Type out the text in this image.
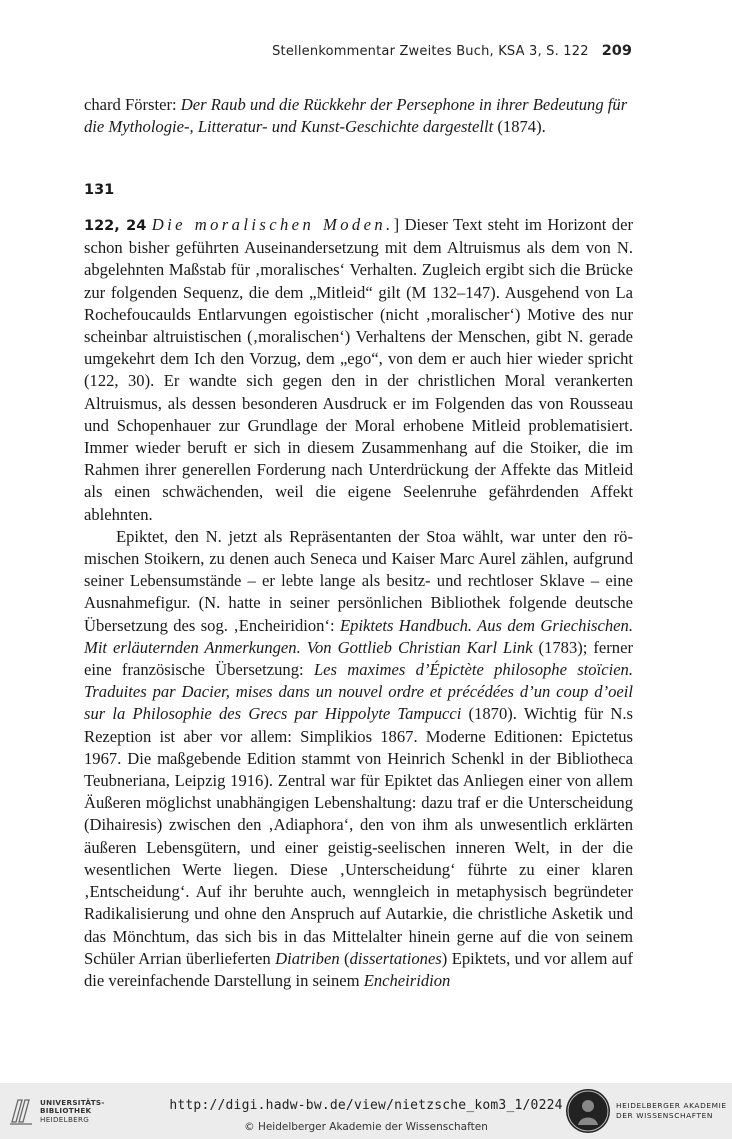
Stellenkommentar Zweites Buch, KSA 3, S. 122 209
chard Förster: Der Raub und die Rückkehr der Persephone in ihrer Bedeutung für die Mythologie-, Litteratur- und Kunst-Geschichte dargestellt (1874).
131

122, 24 Die moralischen Moden.] Dieser Text steht im Horizont der schon bisher geführten Auseinandersetzung mit dem Altruismus als dem von N. abgelehnten Maßstab für ‚moralisches‘ Verhalten. Zugleich ergibt sich die Brücke zur folgenden Sequenz, die dem „Mitleid“ gilt (M 132–147). Ausgehend von La Rochefoucaulds Entlarvungen egoistischer (nicht ‚moralischer‘) Motive des nur scheinbar altruistischen (‚moralischen‘) Verhaltens der Menschen, gibt N. gerade umgekehrt dem Ich den Vorzug, dem „ego“, von dem er auch hier wieder spricht (122, 30). Er wandte sich gegen den in der christlichen Moral verankerten Altruismus, als dessen besonderen Ausdruck er im Folgenden das von Rousseau und Schopenhauer zur Grundlage der Moral erhobene Mitleid problematisiert. Immer wieder beruft er sich in diesem Zusammenhang auf die Stoiker, die im Rahmen ihrer generellen Forderung nach Unterdrückung der Affekte das Mitleid als einen schwächenden, weil die eigene Seelenruhe gefährdenden Affekt ablehnten.

Epiktet, den N. jetzt als Repräsentanten der Stoa wählt, war unter den römischen Stoikern, zu denen auch Seneca und Kaiser Marc Aurel zählen, aufgrund seiner Lebensumstände – er lebte lange als besitz- und rechtloser Sklave – eine Ausnahmefigur. (N. hatte in seiner persönlichen Bibliothek folgende deutsche Übersetzung des sog. ‚Encheiridion‘: Epiktets Handbuch. Aus dem Griechischen. Mit erläuternden Anmerkungen. Von Gottlieb Christian Karl Link (1783); ferner eine französische Übersetzung: Les maximes d’Épictète philosophe stoïcien. Traduites par Dacier, mises dans un nouvel ordre et précédées d’un coup d’oeil sur la Philosophie des Grecs par Hippolyte Tampucci (1870). Wichtig für N.s Rezeption ist aber vor allem: Simplikios 1867. Moderne Editionen: Epictetus 1967. Die maßgebende Edition stammt von Heinrich Schenkl in der Bibliotheca Teubneriana, Leipzig 1916). Zentral war für Epiktet das Anliegen einer von allem Äußeren möglichst unabhängigen Lebenshaltung: dazu traf er die Unterscheidung (Dihairesis) zwischen den ‚Adiaphora‘, den von ihm als unwesentlich erklärten äußeren Lebensgütern, und einer geistig-seelischen inneren Welt, in der die wesentlichen Werte liegen. Diese ‚Unterscheidung‘ führte zu einer klaren ‚Entscheidung‘. Auf ihr beruhte auch, wenngleich in metaphysisch begründeter Radikalisierung und ohne den Anspruch auf Autarkie, die christliche Asketik und das Mönchtum, das sich bis in das Mittelalter hinein gerne auf die von seinem Schüler Arrian überlieferten Diatriben (dissertationes) Epiktets, und vor allem auf die vereinfachende Darstellung in seinem Encheiridion

UNIVERSITÄTS-
BIBLIOTHEK
HEIDELBERG
http://digi.hadw-bw.de/view/nietzsche_kom3_1/0224
© Heidelberger Akademie der Wissenschaften
HEIDELBERGER AKADEMIE
DER WISSENSCHAFTEN
